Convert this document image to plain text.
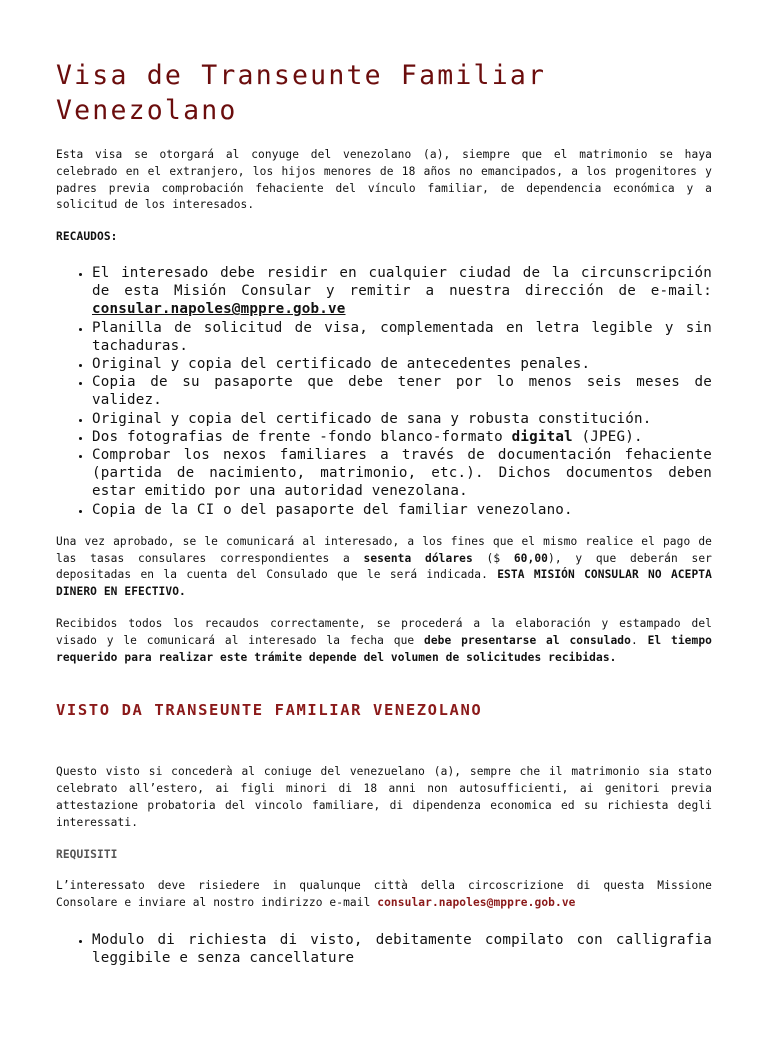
Visa de Transeunte Familiar Venezolano

Esta visa se otorgará al conyuge del venezolano (a), siempre que el matrimonio se haya celebrado en el extranjero, los hijos menores de 18 años no emancipados, a los progenitores y padres previa comprobación fehaciente del vínculo familiar, de dependencia económica y a solicitud de los interesados.

RECAUDOS:

• El interesado debe residir en cualquier ciudad de la circunscripción de esta Misión Consular y remitir a nuestra dirección de e-mail: consular.napoles@mppre.gob.ve
• Planilla de solicitud de visa, complementada en letra legible y sin tachaduras.
• Original y copia del certificado de antecedentes penales.
• Copia de su pasaporte que debe tener por lo menos seis meses de validez.
• Original y copia del certificado de sana y robusta constitución.
• Dos fotografias de frente -fondo blanco-formato digital (JPEG).
• Comprobar los nexos familiares a través de documentación fehaciente (partida de nacimiento, matrimonio, etc.). Dichos documentos deben estar emitido por una autoridad venezolana.
• Copia de la CI o del pasaporte del familiar venezolano.

Una vez aprobado, se le comunicará al interesado, a los fines que el mismo realice el pago de las tasas consulares correspondientes a sesenta dólares ($ 60,00), y que deberán ser depositadas en la cuenta del Consulado que le será indicada. ESTA MISIÓN CONSULAR NO ACEPTA DINERO EN EFECTIVO.

Recibidos todos los recaudos correctamente, se procederá a la elaboración y estampado del visado y le comunicará al interesado la fecha que debe presentarse al consulado. El tiempo requerido para realizar este trámite depende del volumen de solicitudes recibidas.

VISTO DA TRANSEUNTE FAMILIAR VENEZOLANO

Questo visto si concederà al coniuge del venezuelano (a), sempre che il matrimonio sia stato celebrato all’estero, ai figli minori di 18 anni non autosufficienti, ai genitori previa attestazione probatoria del vincolo familiare, di dipendenza economica ed su richiesta degli interessati.

REQUISITI

L’interessato deve risiedere in qualunque città della circoscrizione di questa Missione Consolare e inviare al nostro indirizzo e-mail consular.napoles@mppre.gob.ve

• Modulo di richiesta di visto, debitamente compilato con calligrafia leggibile e senza cancellature
